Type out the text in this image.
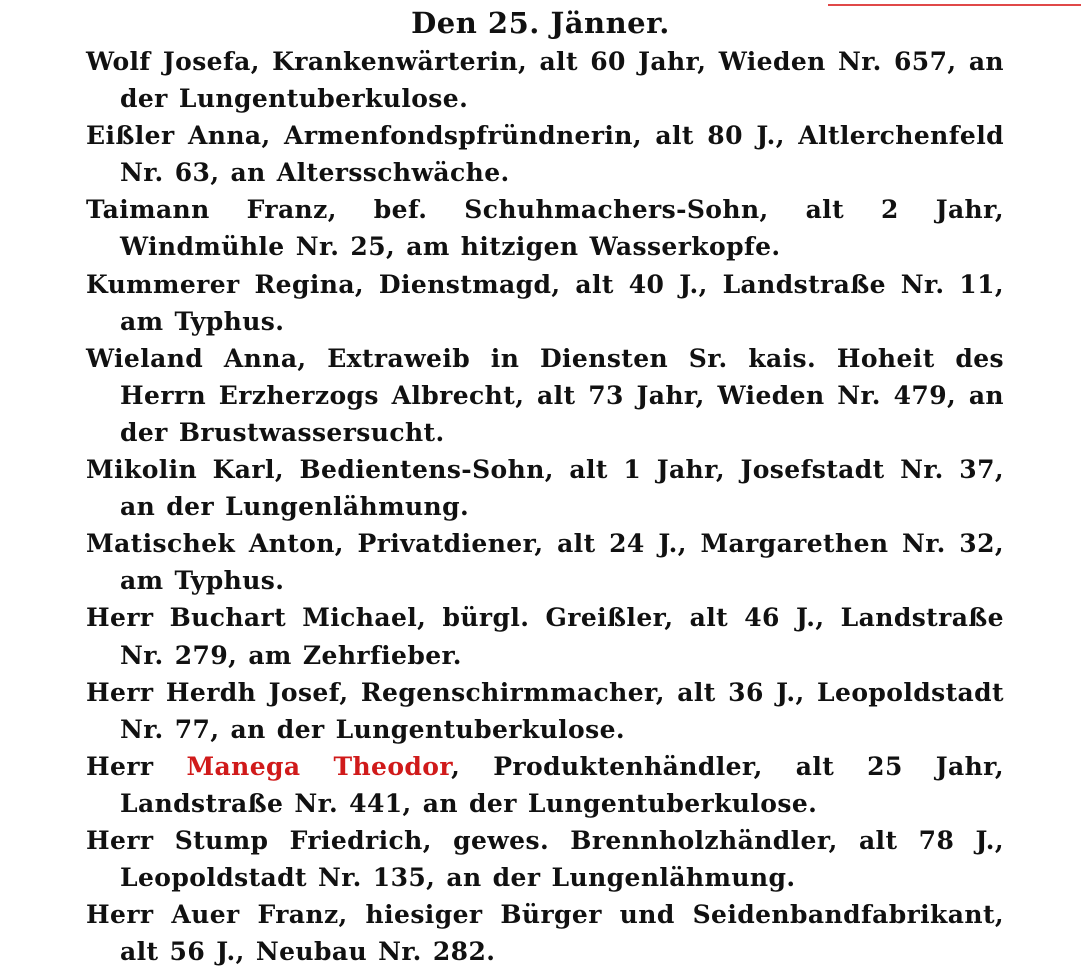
Den 25. Jänner.

Wolf Josefa, Krankenwärterin, alt 60 Jahr, Wieden Nr. 657, an der Lungentuberkulose.

Eißler Anna, Armenfondspfründnerin, alt 80 J., Altlerchenfeld Nr. 63, an Altersschwäche.

Taimann Franz, bef. Schuhmachers-Sohn, alt 2 Jahr, Windmühle Nr. 25, am hitzigen Wasserkopfe.

Kummerer Regina, Dienstmagd, alt 40 J., Landstraße Nr. 11, am Typhus.

Wieland Anna, Extraweib in Diensten Sr. kais. Hoheit des Herrn Erzherzogs Albrecht, alt 73 Jahr, Wieden Nr. 479, an der Brustwassersucht.

Mikolin Karl, Bedientens-Sohn, alt 1 Jahr, Josefstadt Nr. 37, an der Lungenlähmung.

Matischek Anton, Privatdiener, alt 24 J., Margarethen Nr. 32, am Typhus.

Herr Buchart Michael, bürgl. Greißler, alt 46 J., Landstraße Nr. 279, am Zehrfieber.

Herr Herdh Josef, Regenschirmmacher, alt 36 J., Leopoldstadt Nr. 77, an der Lungentuberkulose.

Herr Manega Theodor, Produktenhändler, alt 25 Jahr, Landstraße Nr. 441, an der Lungentuberkulose.

Herr Stump Friedrich, gewes. Brennholzhändler, alt 78 J., Leopoldstadt Nr. 135, an der Lungenlähmung.

Herr Auer Franz, hiesiger Bürger und Seidenbandfabrikant, alt 56 J., Neubau Nr. 282.
